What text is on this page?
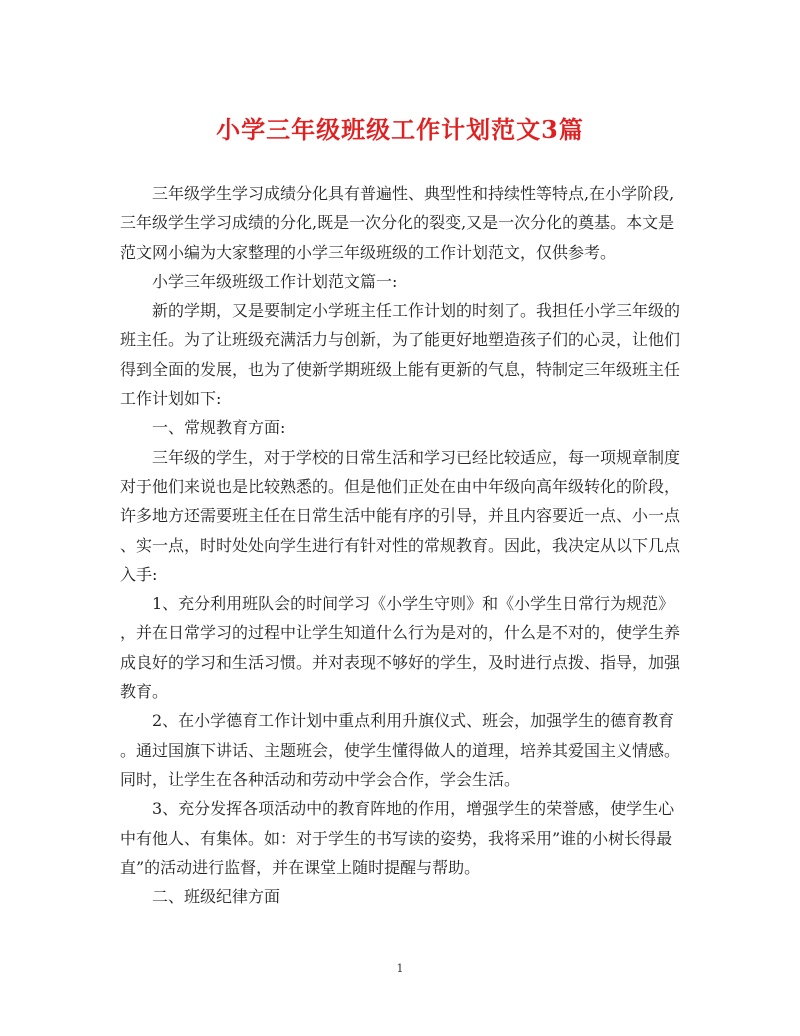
小学三年级班级工作计划范文3篇
三年级学生学习成绩分化具有普遍性、典型性和持续性等特点,在小学阶段,
三年级学生学习成绩的分化,既是一次分化的裂变,又是一次分化的奠基。本文是
范文网小编为大家整理的小学三年级班级的工作计划范文，仅供参考。
小学三年级班级工作计划范文篇一:
新的学期，又是要制定小学班主任工作计划的时刻了。我担任小学三年级的
班主任。为了让班级充满活力与创新，为了能更好地塑造孩子们的心灵，让他们
得到全面的发展，也为了使新学期班级上能有更新的气息，特制定三年级班主任
工作计划如下:
一、常规教育方面:
三年级的学生，对于学校的日常生活和学习已经比较适应，每一项规章制度
对于他们来说也是比较熟悉的。但是他们正处在由中年级向高年级转化的阶段，
许多地方还需要班主任在日常生活中能有序的引导，并且内容要近一点、小一点
、实一点，时时处处向学生进行有针对性的常规教育。因此，我决定从以下几点
入手:
1、充分利用班队会的时间学习《小学生守则》和《小学生日常行为规范》
，并在日常学习的过程中让学生知道什么行为是对的，什么是不对的，使学生养
成良好的学习和生活习惯。并对表现不够好的学生，及时进行点拨、指导，加强
教育。
2、在小学德育工作计划中重点利用升旗仪式、班会，加强学生的德育教育
。通过国旗下讲话、主题班会，使学生懂得做人的道理，培养其爱国主义情感。
同时，让学生在各种活动和劳动中学会合作，学会生活。
3、充分发挥各项活动中的教育阵地的作用，增强学生的荣誉感，使学生心
中有他人、有集体。如：对于学生的书写读的姿势，我将采用”谁的小树长得最
直”的活动进行监督，并在课堂上随时提醒与帮助。
二、班级纪律方面
1
